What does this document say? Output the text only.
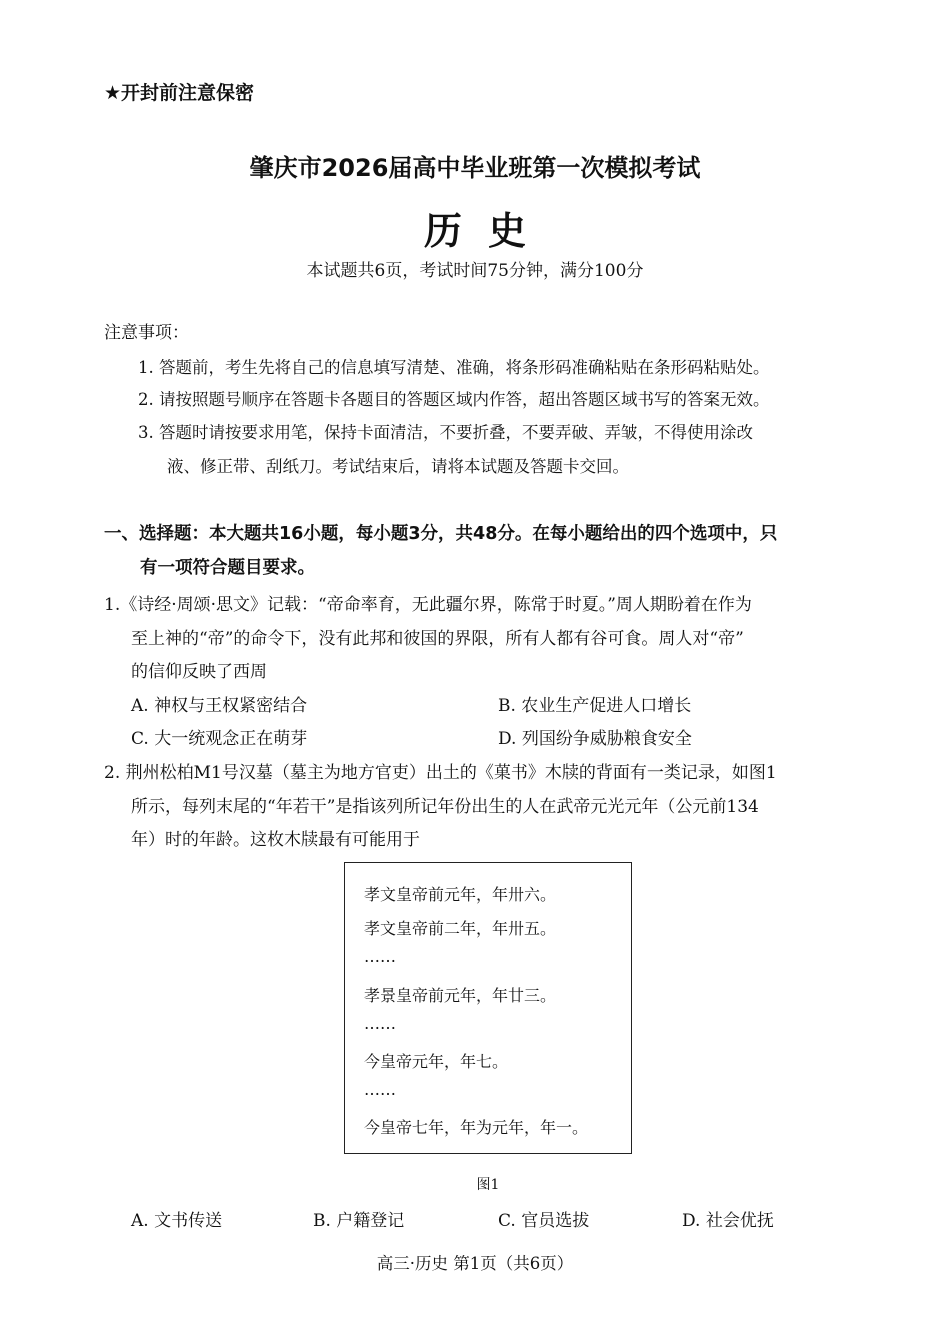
★开封前注意保密
肇庆市2026届高中毕业班第一次模拟考试
历史
本试题共6页，考试时间75分钟，满分100分
注意事项：
1. 答题前，考生先将自己的信息填写清楚、准确，将条形码准确粘贴在条形码粘贴处。
2. 请按照题号顺序在答题卡各题目的答题区域内作答，超出答题区域书写的答案无效。
3. 答题时请按要求用笔，保持卡面清洁，不要折叠，不要弄破、弄皱，不得使用涂改
液、修正带、刮纸刀。考试结束后，请将本试题及答题卡交回。
一、选择题：本大题共16小题，每小题3分，共48分。在每小题给出的四个选项中，只
有一项符合题目要求。
1.《诗经·周颂·思文》记载：“帝命率育，无此疆尔界，陈常于时夏。”周人期盼着在作为
至上神的“帝”的命令下，没有此邦和彼国的界限，所有人都有谷可食。周人对“帝”
的信仰反映了西周
A. 神权与王权紧密结合	B. 农业生产促进人口增长
C. 大一统观念正在萌芽	D. 列国纷争威胁粮食安全
2. 荆州松柏M1号汉墓（墓主为地方官吏）出土的《菓书》木牍的背面有一类记录，如图1
所示，每列末尾的“年若干”是指该列所记年份出生的人在武帝元光元年（公元前134
年）时的年龄。这枚木牍最有可能用于
孝文皇帝前元年，年卅六。
孝文皇帝前二年，年卅五。
……
孝景皇帝前元年，年廿三。
……
今皇帝元年，年七。
……
今皇帝七年，年为元年，年一。
图1
A. 文书传送	B. 户籍登记	C. 官员选拔	D. 社会优抚
高三·历史 第1页（共6页）
